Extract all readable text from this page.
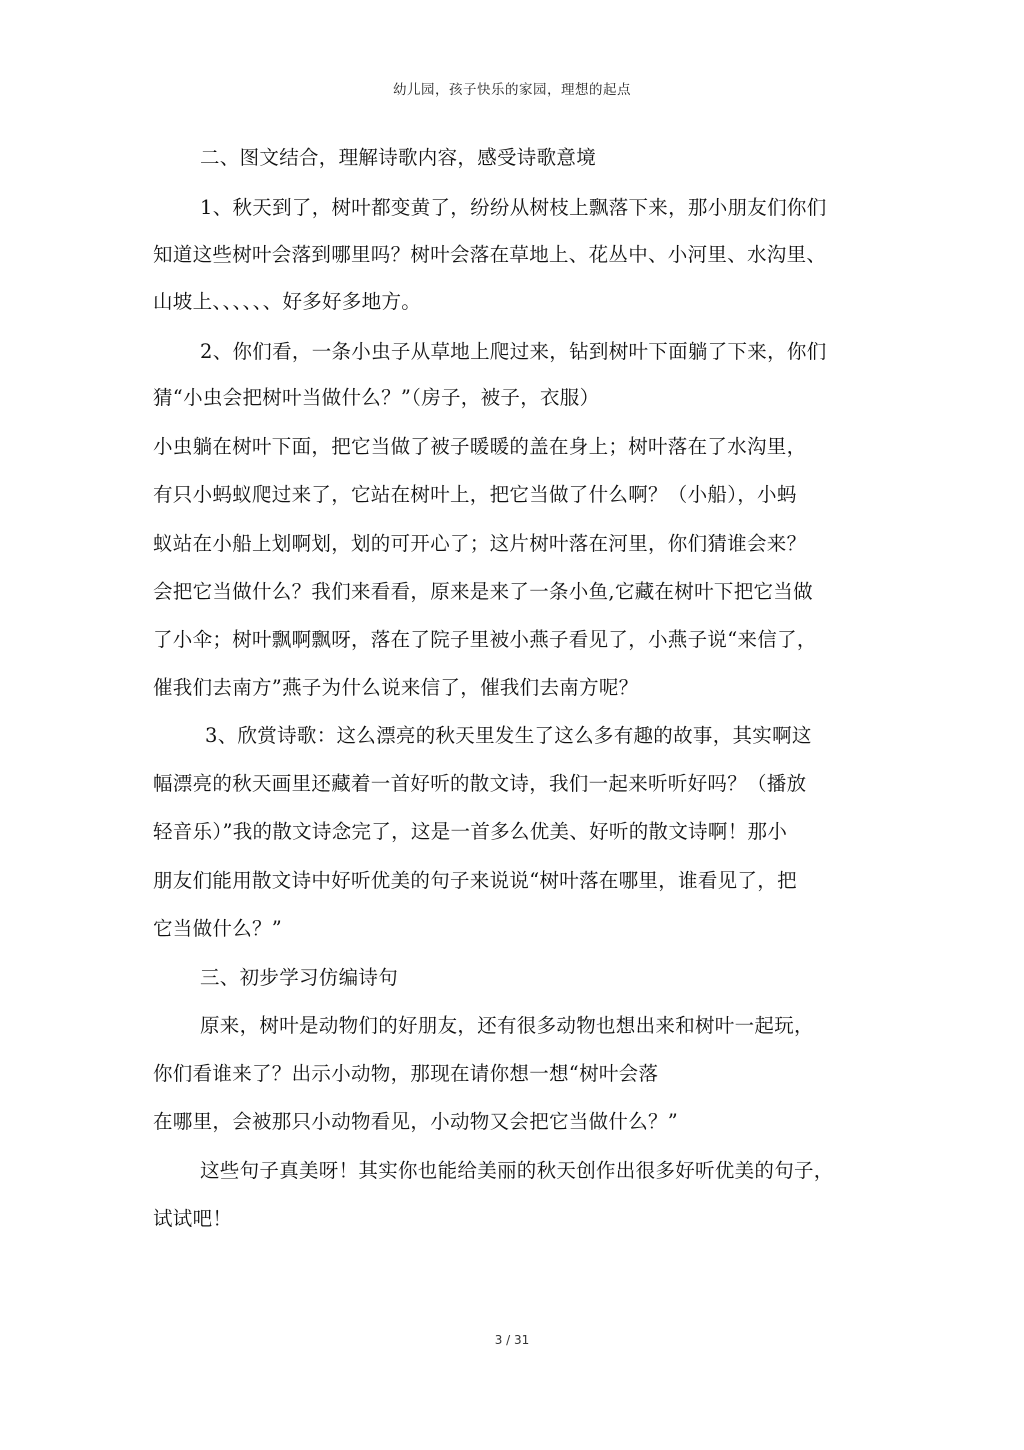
幼儿园，孩子快乐的家园，理想的起点
二、图文结合，理解诗歌内容，感受诗歌意境
1、秋天到了，树叶都变黄了，纷纷从树枝上飘落下来，那小朋友们你们
知道这些树叶会落到哪里吗？树叶会落在草地上、花丛中、小河里、水沟里、
山坡上、、、、、、好多好多地方。
2、你们看，一条小虫子从草地上爬过来，钻到树叶下面躺了下来，你们
猜“小虫会把树叶当做什么？”（房子，被子，衣服）
小虫躺在树叶下面，把它当做了被子暖暖的盖在身上；树叶落在了水沟里，
有只小蚂蚁爬过来了，它站在树叶上，把它当做了什么啊？（小船），小蚂
蚁站在小船上划啊划，划的可开心了；这片树叶落在河里，你们猜谁会来？
会把它当做什么？我们来看看，原来是来了一条小鱼,它藏在树叶下把它当做
了小伞；树叶飘啊飘呀，落在了院子里被小燕子看见了，小燕子说“来信了，
催我们去南方”燕子为什么说来信了，催我们去南方呢？
3、欣赏诗歌：这么漂亮的秋天里发生了这么多有趣的故事，其实啊这
幅漂亮的秋天画里还藏着一首好听的散文诗，我们一起来听听好吗？（播放
轻音乐）”我的散文诗念完了，这是一首多么优美、好听的散文诗啊！那小
朋友们能用散文诗中好听优美的句子来说说“树叶落在哪里，谁看见了，把
它当做什么？”
三、初步学习仿编诗句
原来，树叶是动物们的好朋友，还有很多动物也想出来和树叶一起玩，
你们看谁来了？出示小动物，那现在请你想一想“树叶会落
在哪里，会被那只小动物看见，小动物又会把它当做什么？”
这些句子真美呀！其实你也能给美丽的秋天创作出很多好听优美的句子，
试试吧！
3 / 31
